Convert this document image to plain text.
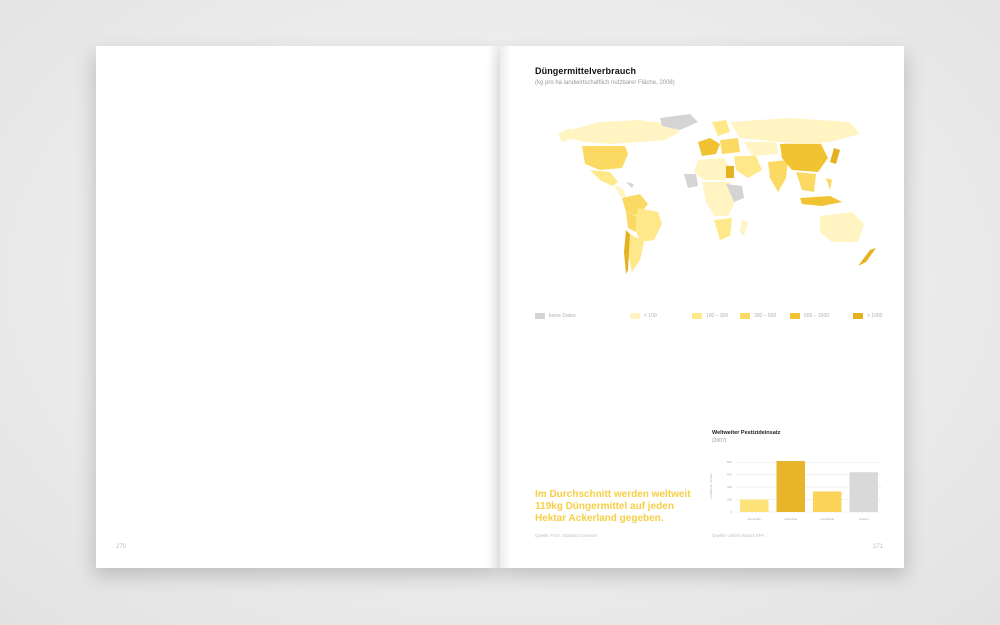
270	271
Düngermittelverbrauch
(kg pro ha landwirtschaftlich nutzbarer Fläche, 2008)
keine Daten	< 100	100 – 300	300 – 500	500 – 1000	> 1000
Im Durchschnitt werden weltweit 119kg Düngermittel auf jeden Hektar Ackerland gegeben.
Quelle: FAO, Statistics Division
Weltweiter Pestizideinsatz
(2007)
in Millionen Tonnen
0
200
400
600
800
Fungizide	Herbizide	Insektizide	Andere
Quelle: United States EPA
